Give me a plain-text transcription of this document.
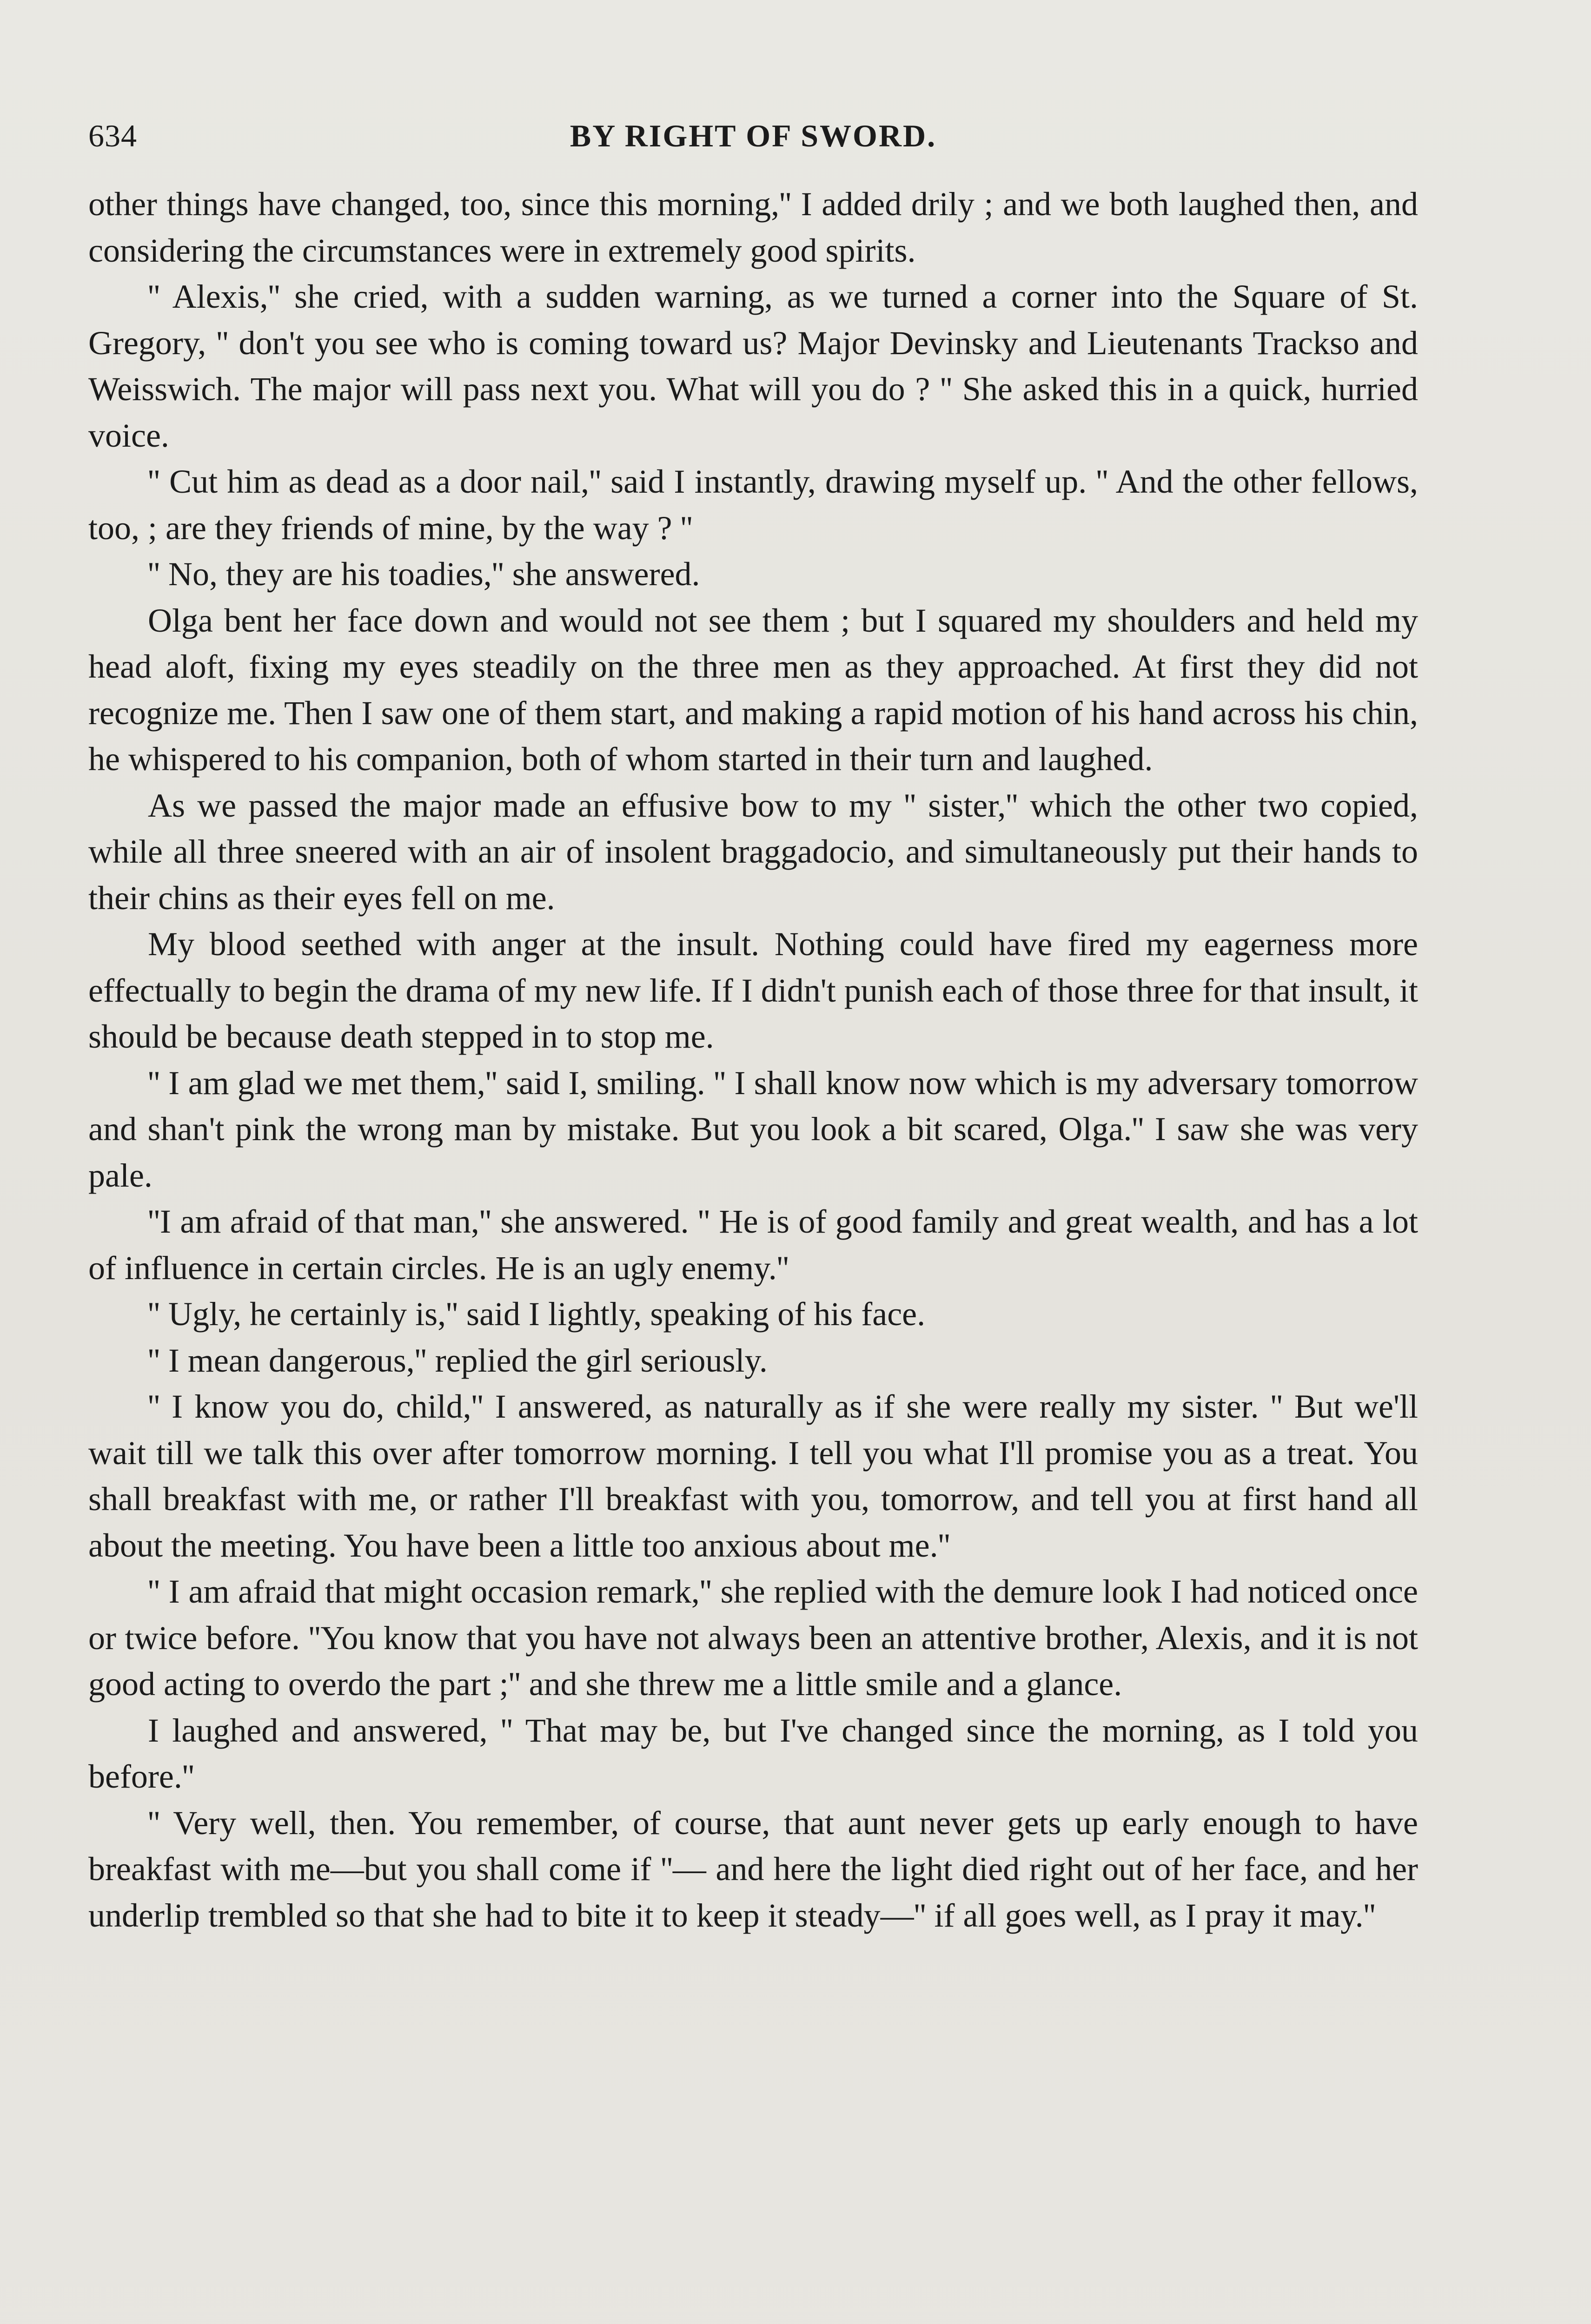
634	BY RIGHT OF SWORD.

other things have changed, too, since this morning,'' I added drily ; and we both laughed then, and considering the circumstances were in extremely good spirits.

'' Alexis,'' she cried, with a sudden warning, as we turned a corner into the Square of St. Gregory, '' don't you see who is coming toward us? Major Devinsky and Lieutenants Trackso and Weisswich. The major will pass next you. What will you do ? '' She asked this in a quick, hurried voice.

'' Cut him as dead as a door nail,'' said I instantly, drawing myself up. '' And the other fellows, too, ; are they friends of mine, by the way ? ''

'' No, they are his toadies,'' she answered.

Olga bent her face down and would not see them ; but I squared my shoulders and held my head aloft, fixing my eyes steadily on the three men as they approached. At first they did not recognize me. Then I saw one of them start, and making a rapid motion of his hand across his chin, he whispered to his companion, both of whom started in their turn and laughed.

As we passed the major made an effusive bow to my '' sister,'' which the other two copied, while all three sneered with an air of insolent braggadocio, and simultaneously put their hands to their chins as their eyes fell on me.

My blood seethed with anger at the insult. Nothing could have fired my eagerness more effectually to begin the drama of my new life. If I didn't punish each of those three for that insult, it should be because death stepped in to stop me.

'' I am glad we met them,'' said I, smiling. '' I shall know now which is my adversary tomorrow and shan't pink the wrong man by mistake. But you look a bit scared, Olga.'' I saw she was very pale.

''I am afraid of that man,'' she answered. '' He is of good family and great wealth, and has a lot of influence in certain circles. He is an ugly enemy.''

'' Ugly, he certainly is,'' said I lightly, speaking of his face.

'' I mean dangerous,'' replied the girl seriously.

'' I know you do, child,'' I answered, as naturally as if she were really my sister. '' But we'll wait till we talk this over after tomorrow morning. I tell you what I'll promise you as a treat. You shall breakfast with me, or rather I'll breakfast with you, tomorrow, and tell you at first hand all about the meeting. You have been a little too anxious about me.''

'' I am afraid that might occasion remark,'' she replied with the demure look I had noticed once or twice before. ''You know that you have not always been an attentive brother, Alexis, and it is not good acting to overdo the part ;'' and she threw me a little smile and a glance.

I laughed and answered, '' That may be, but I've changed since the morning, as I told you before.''

'' Very well, then. You remember, of course, that aunt never gets up early enough to have breakfast with me—but you shall come if ''— and here the light died right out of her face, and her underlip trembled so that she had to bite it to keep it steady—'' if all goes well, as I pray it may.''
